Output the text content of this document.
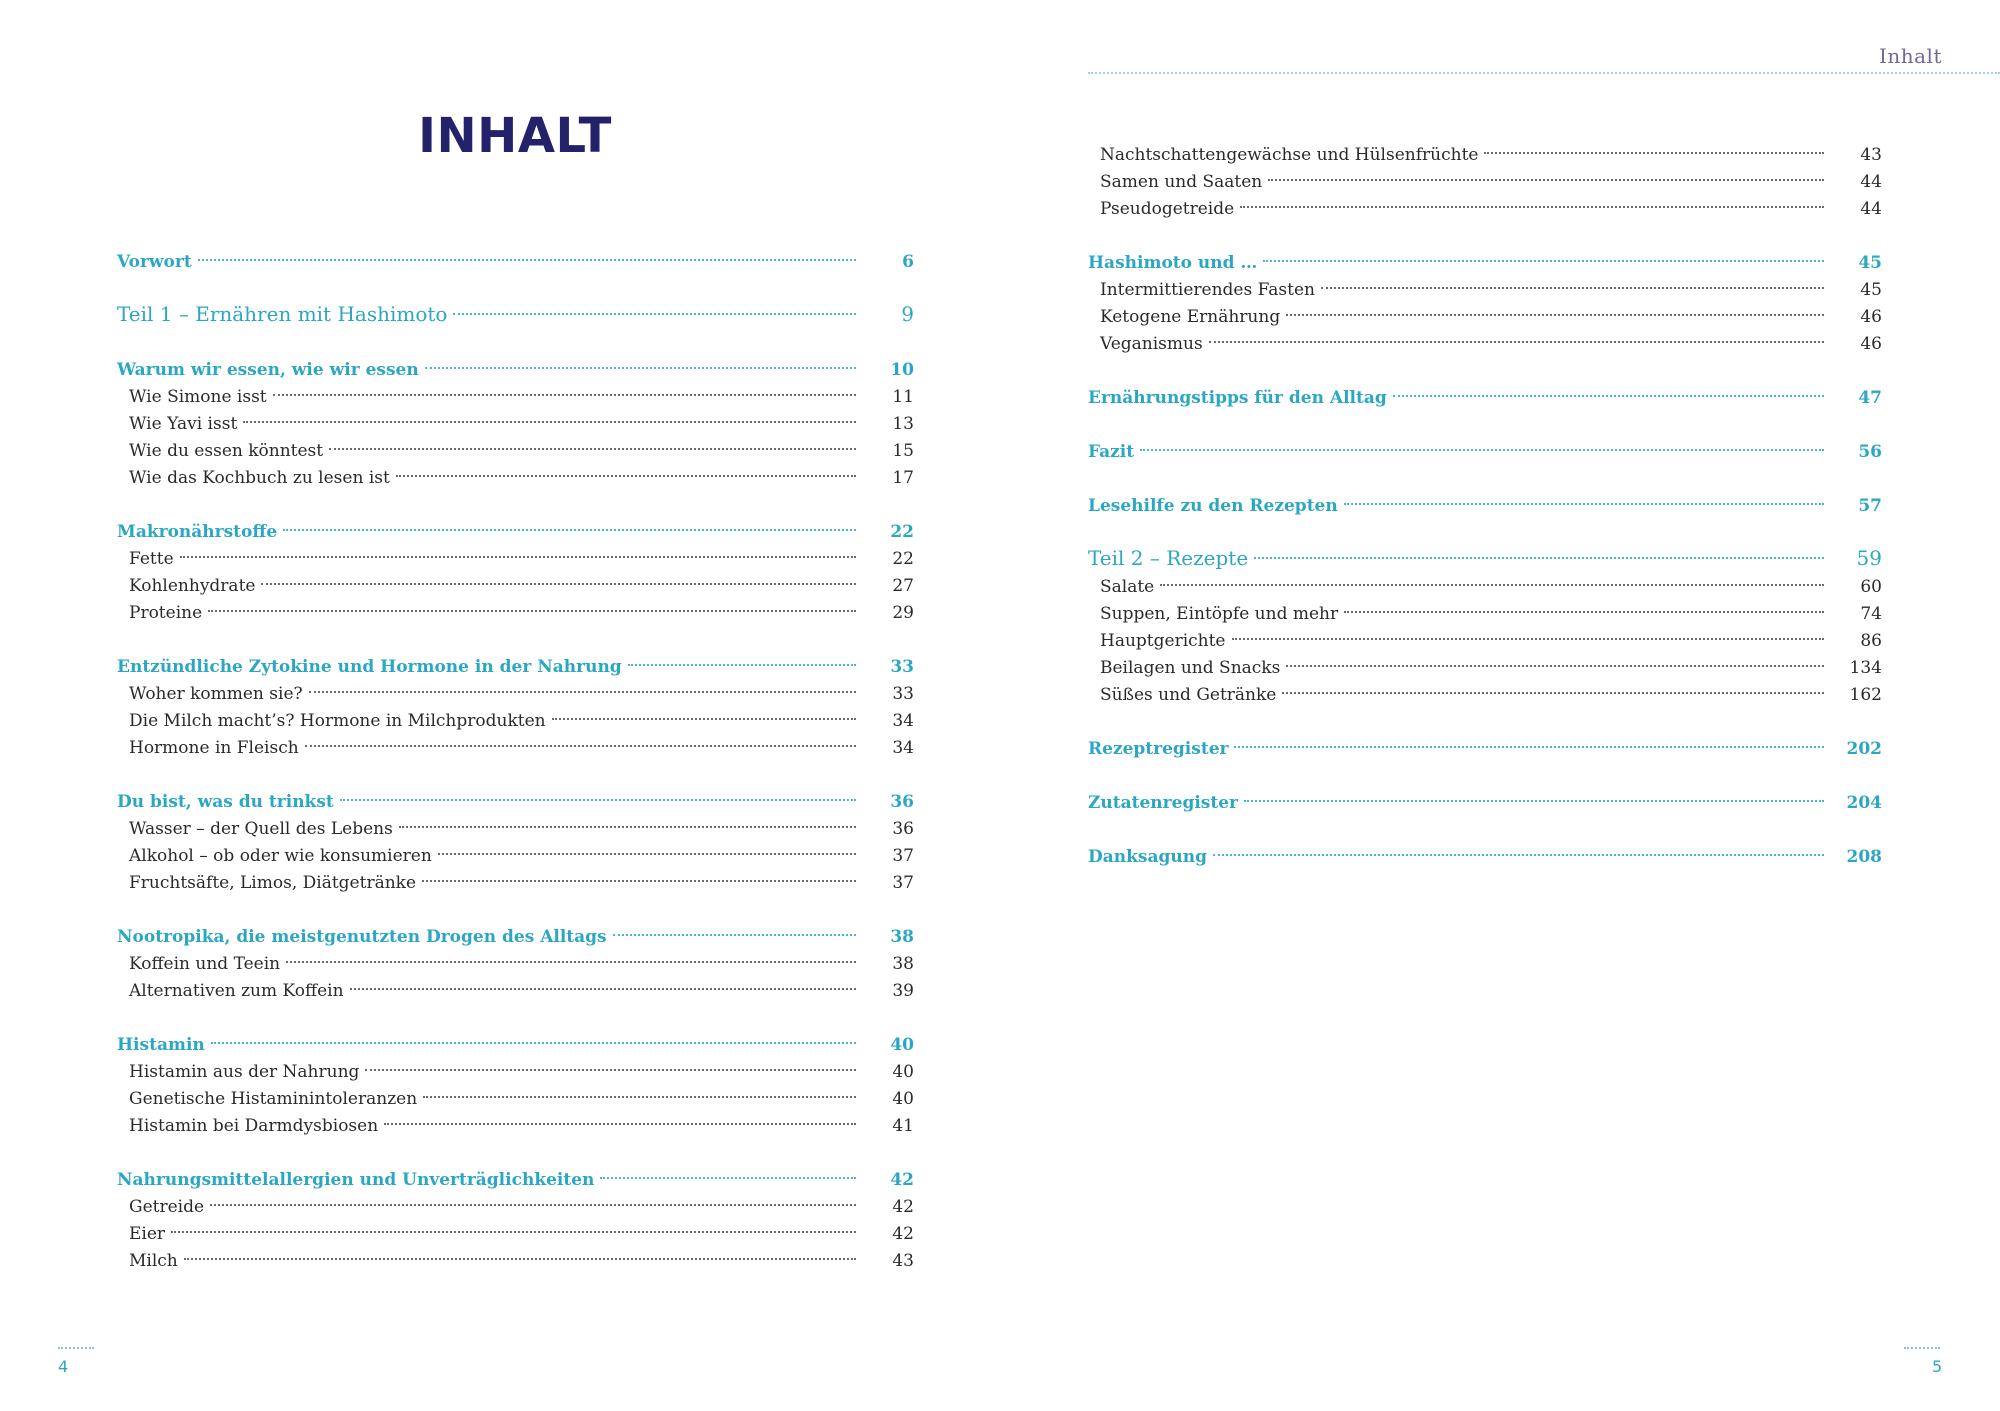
INHALT
Vorwort	6
Teil 1 – Ernähren mit Hashimoto	9
Warum wir essen, wie wir essen	10
Wie Simone isst	11
Wie Yavi isst	13
Wie du essen könntest	15
Wie das Kochbuch zu lesen ist	17
Makronährstoffe	22
Fette	22
Kohlenhydrate	27
Proteine	29
Entzündliche Zytokine und Hormone in der Nahrung	33
Woher kommen sie?	33
Die Milch macht’s? Hormone in Milchprodukten	34
Hormone in Fleisch	34
Du bist, was du trinkst	36
Wasser – der Quell des Lebens	36
Alkohol – ob oder wie konsumieren	37
Fruchtsäfte, Limos, Diätgetränke	37
Nootropika, die meistgenutzten Drogen des Alltags	38
Koffein und Teein	38
Alternativen zum Koffein	39
Histamin	40
Histamin aus der Nahrung	40
Genetische Histaminintoleranzen	40
Histamin bei Darmdysbiosen	41
Nahrungsmittelallergien und Unverträglichkeiten	42
Getreide	42
Eier	42
Milch	43
4
Inhalt
Nachtschattengewächse und Hülsenfrüchte	43
Samen und Saaten	44
Pseudogetreide	44
Hashimoto und …	45
Intermittierendes Fasten	45
Ketogene Ernährung	46
Veganismus	46
Ernährungstipps für den Alltag	47
Fazit	56
Lesehilfe zu den Rezepten	57
Teil 2 – Rezepte	59
Salate	60
Suppen, Eintöpfe und mehr	74
Hauptgerichte	86
Beilagen und Snacks	134
Süßes und Getränke	162
Rezeptregister	202
Zutatenregister	204
Danksagung	208
5
